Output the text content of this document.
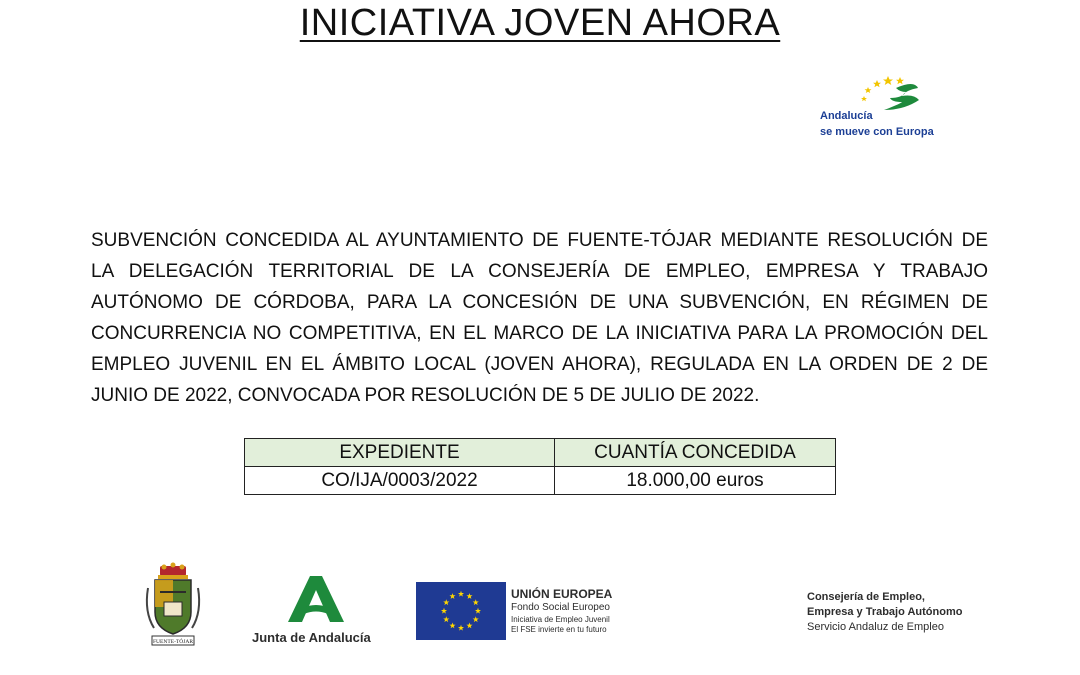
INICIATIVA JOVEN AHORA
Andalucía
se mueve con Europa

SUBVENCIÓN CONCEDIDA AL AYUNTAMIENTO DE FUENTE-TÓJAR MEDIANTE RESOLUCIÓN DE LA DELEGACIÓN TERRITORIAL DE LA CONSEJERÍA DE EMPLEO, EMPRESA Y TRABAJO AUTÓNOMO DE CÓRDOBA, PARA LA CONCESIÓN DE UNA SUBVENCIÓN, EN RÉGIMEN DE CONCURRENCIA NO COMPETITIVA, EN EL MARCO DE LA INICIATIVA PARA LA PROMOCIÓN DEL EMPLEO JUVENIL EN EL ÁMBITO LOCAL (JOVEN AHORA), REGULADA EN LA ORDEN DE 2 DE JUNIO DE 2022, CONVOCADA POR RESOLUCIÓN DE 5 DE JULIO DE 2022.

EXPEDIENTE	CUANTÍA CONCEDIDA
CO/IJA/0003/2022	18.000,00 euros
FUENTE-TÓJAR	Junta de Andalucía
UNIÓN EUROPEA
Fondo Social Europeo
Iniciativa de Empleo Juvenil
El FSE invierte en tu futuro
Consejería de Empleo,
Empresa y Trabajo Autónomo
Servicio Andaluz de Empleo
